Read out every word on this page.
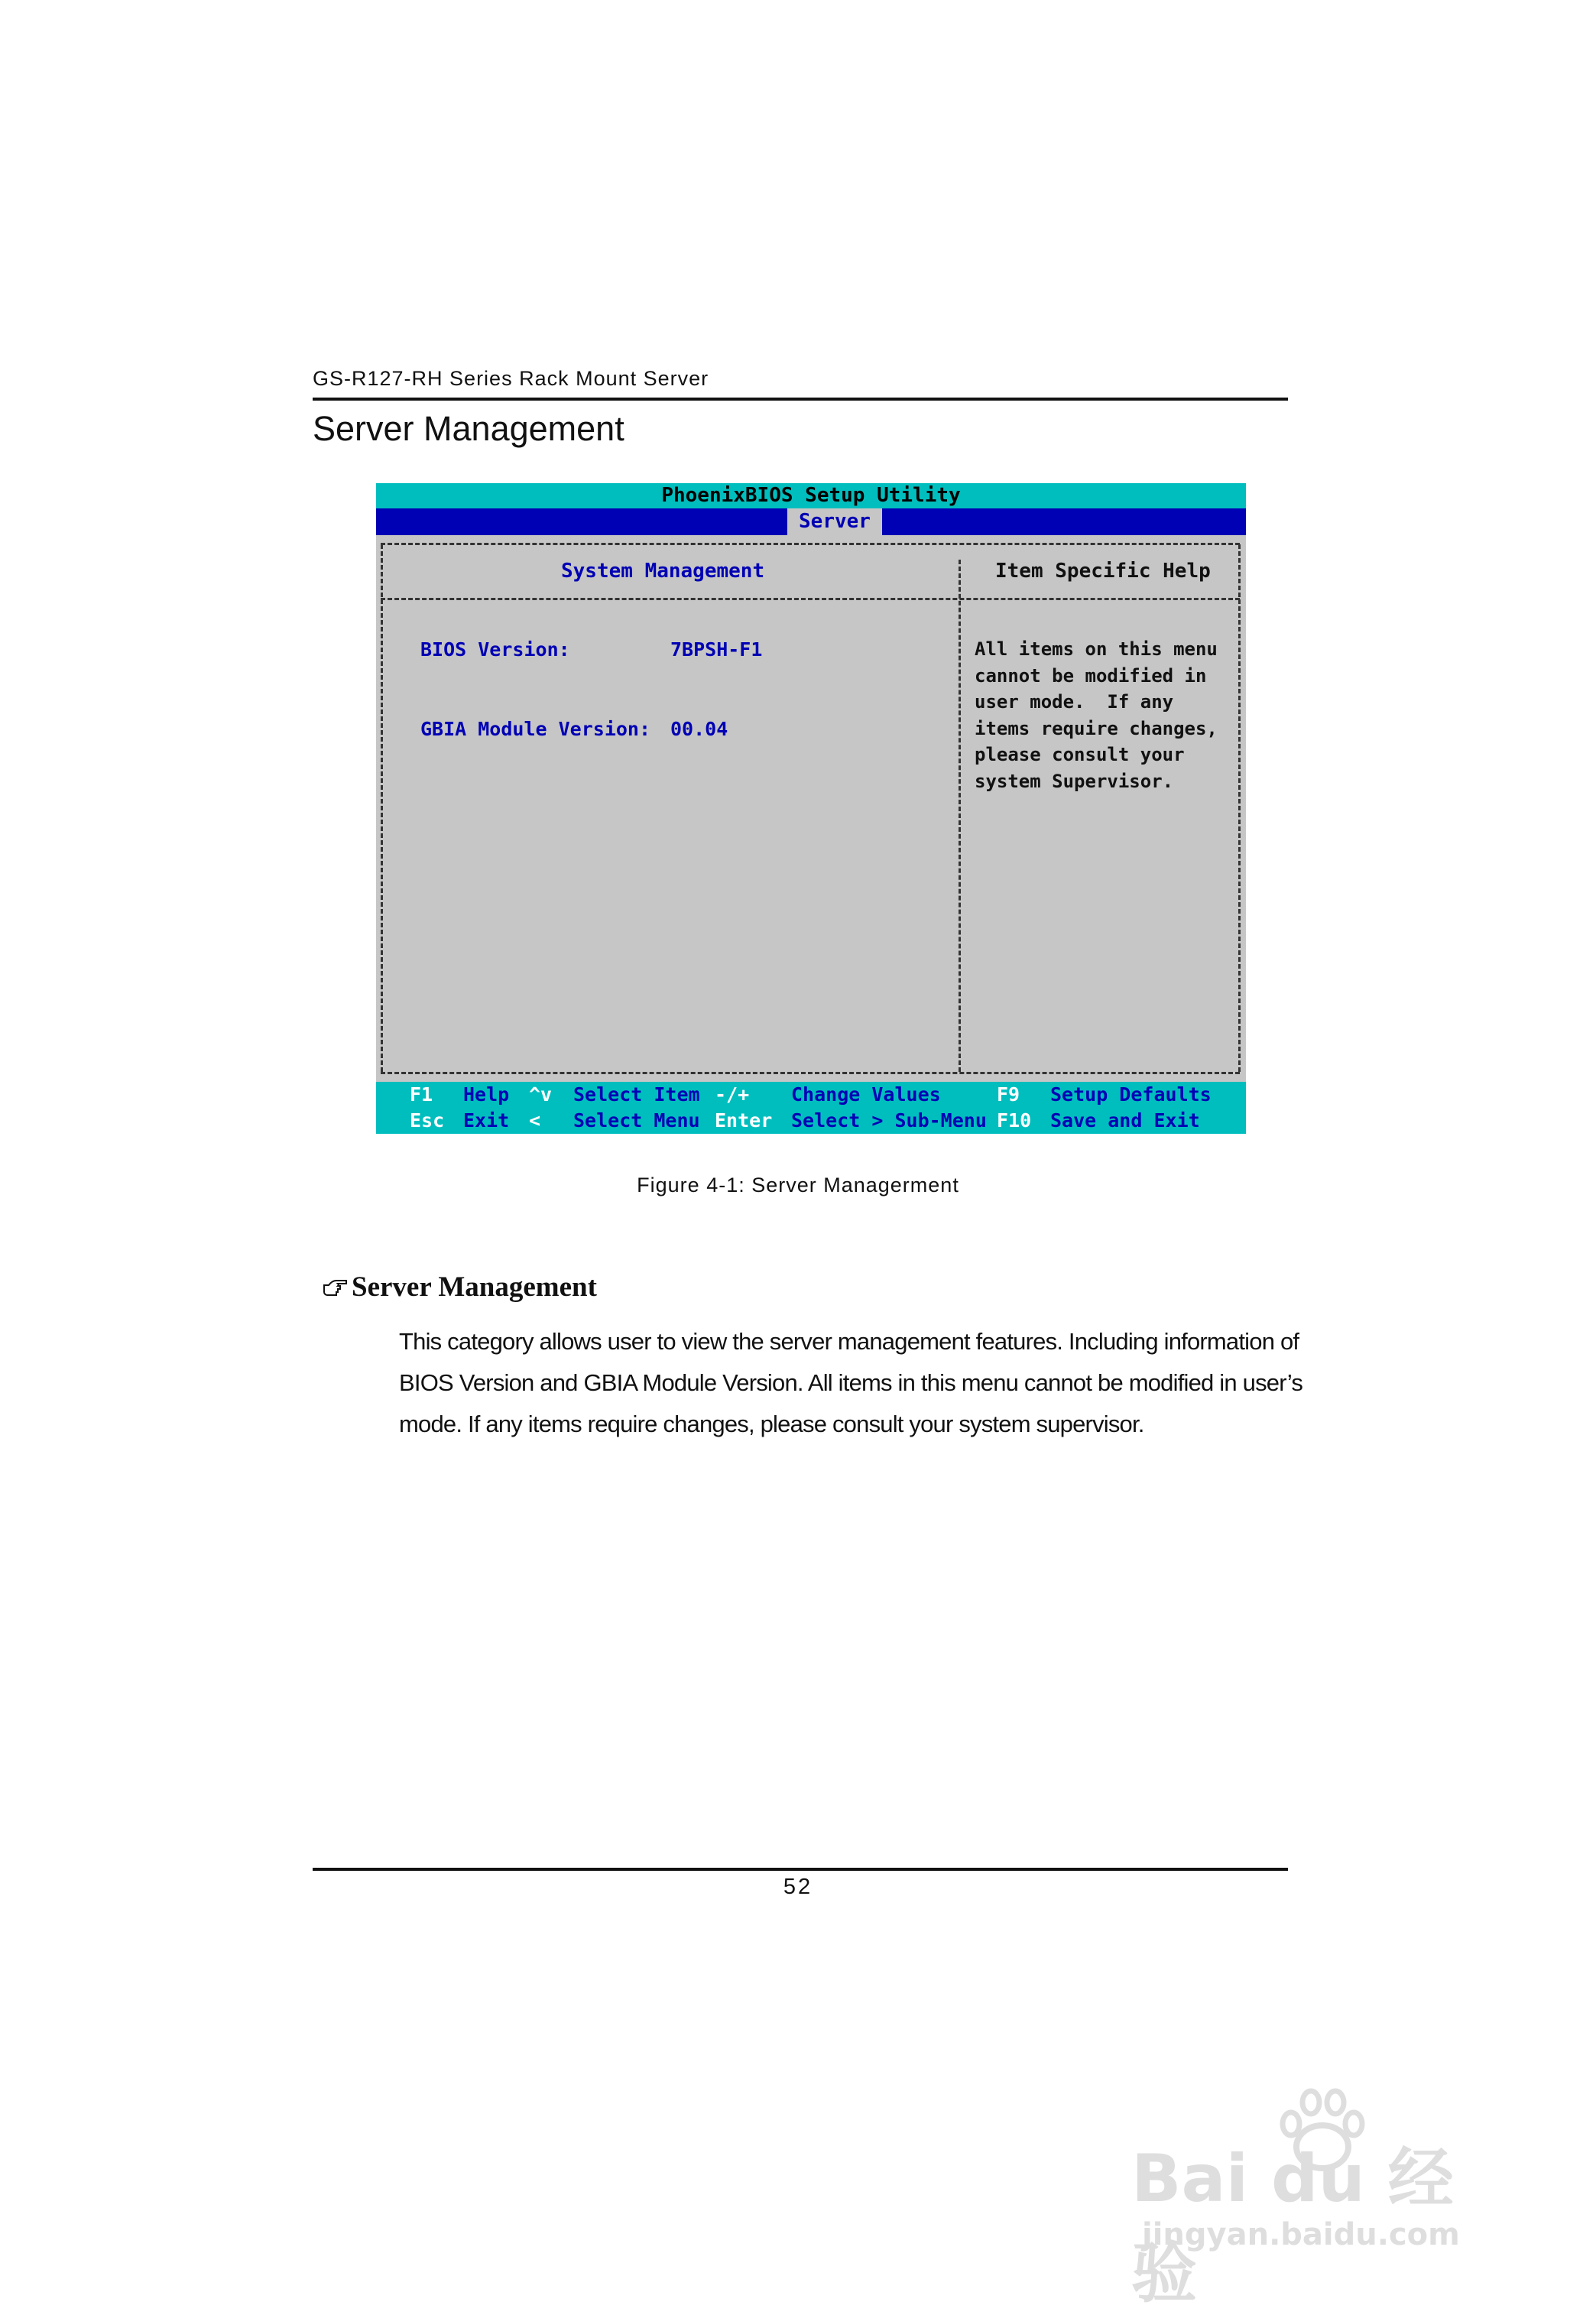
GS-R127-RH Series Rack Mount Server
Server Management
PhoenixBIOS Setup Utility
Server
System Management	Item Specific Help
BIOS Version:	7BPSH-F1
GBIA Module Version: 00.04
All items on this menu
cannot be modified in
user mode.  If any
items require changes,
please consult your
system Supervisor.
F1 Help ^v Select Item -/+ Change Values	F9 Setup Defaults
Esc Exit < Select Menu Enter Select > Sub-Menu F10 Save and Exit
Figure 4-1: Server Managerment
Server Management
This category allows user to view the server management features. Including information of
BIOS Version and GBIA Module Version. All items in this menu cannot be modified in user’s
mode. If any items require changes, please consult your system supervisor.
52
Bai du 经验
jingyan.baidu.com
